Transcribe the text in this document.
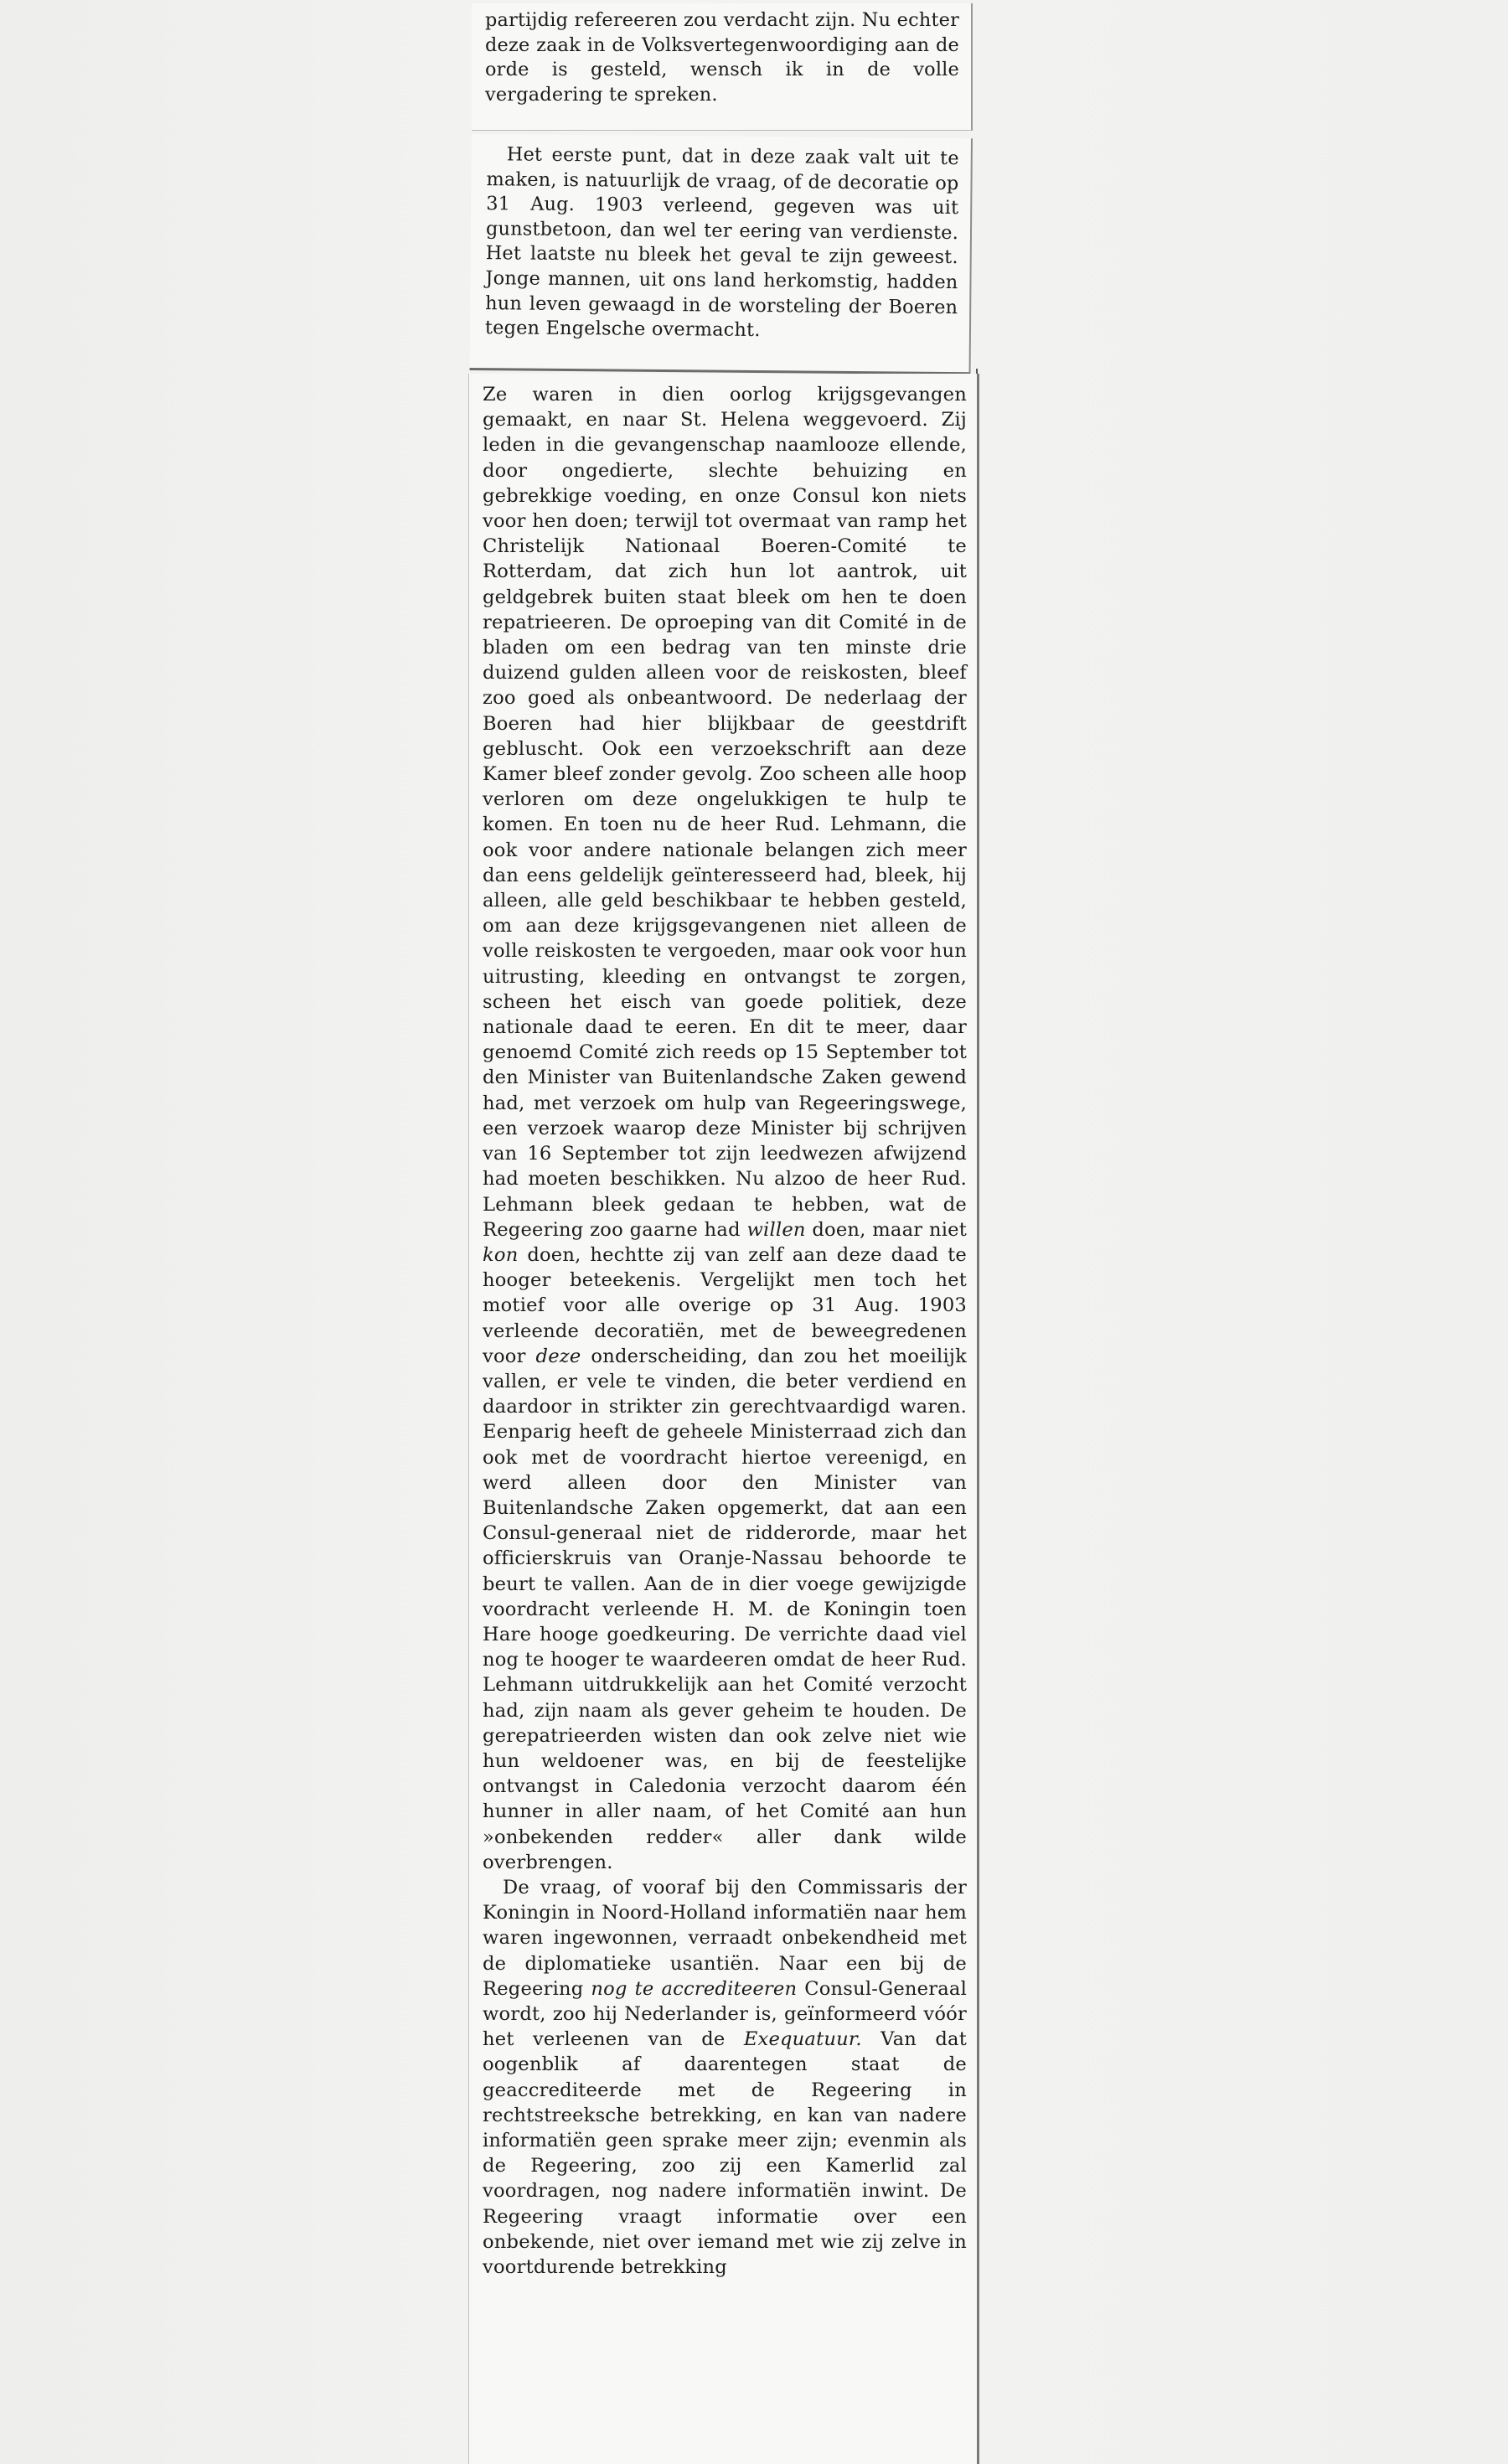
partijdig refereeren zou verdacht zijn. Nu echter deze zaak in de Volksvertegenwoordiging aan de orde is gesteld, wensch ik in de volle vergadering te spreken.

Het eerste punt, dat in deze zaak valt uit te maken, is natuurlijk de vraag, of de decoratie op 31 Aug. 1903 verleend, gegeven was uit gunstbetoon, dan wel ter eering van verdienste. Het laatste nu bleek het geval te zijn geweest. Jonge mannen, uit ons land herkomstig, hadden hun leven gewaagd in de worsteling der Boeren tegen Engelsche overmacht.

Ze waren in dien oorlog krijgsgevangen gemaakt, en naar St. Helena weggevoerd. Zij leden in die gevangenschap naamlooze ellende, door ongedierte, slechte behuizing en gebrekkige voeding, en onze Consul kon niets voor hen doen; terwijl tot overmaat van ramp het Christelijk Nationaal Boeren-Comité te Rotterdam, dat zich hun lot aantrok, uit geldgebrek buiten staat bleek om hen te doen repatrieeren. De oproeping van dit Comité in de bladen om een bedrag van ten minste drie duizend gulden alleen voor de reiskosten, bleef zoo goed als onbeantwoord. De nederlaag der Boeren had hier blijkbaar de geestdrift gebluscht. Ook een verzoekschrift aan deze Kamer bleef zonder gevolg. Zoo scheen alle hoop verloren om deze ongelukkigen te hulp te komen. En toen nu de heer Rud. Lehmann, die ook voor andere nationale belangen zich meer dan eens geldelijk geïnteresseerd had, bleek, hij alleen, alle geld beschikbaar te hebben gesteld, om aan deze krijgsgevangenen niet alleen de volle reiskosten te vergoeden, maar ook voor hun uitrusting, kleeding en ontvangst te zorgen, scheen het eisch van goede politiek, deze nationale daad te eeren. En dit te meer, daar genoemd Comité zich reeds op 15 September tot den Minister van Buitenlandsche Zaken gewend had, met verzoek om hulp van Regeeringswege, een verzoek waarop deze Minister bij schrijven van 16 September tot zijn leedwezen afwijzend had moeten beschikken. Nu alzoo de heer Rud. Lehmann bleek gedaan te hebben, wat de Regeering zoo gaarne had willen doen, maar niet kon doen, hechtte zij van zelf aan deze daad te hooger beteekenis. Vergelijkt men toch het motief voor alle overige op 31 Aug. 1903 verleende decoratiën, met de beweegredenen voor deze onderscheiding, dan zou het moeilijk vallen, er vele te vinden, die beter verdiend en daardoor in strikter zin gerechtvaardigd waren. Eenparig heeft de geheele Ministerraad zich dan ook met de voordracht hiertoe vereenigd, en werd alleen door den Minister van Buitenlandsche Zaken opgemerkt, dat aan een Consul-generaal niet de ridderorde, maar het officierskruis van Oranje-Nassau behoorde te beurt te vallen. Aan de in dier voege gewijzigde voordracht verleende H. M. de Koningin toen Hare hooge goedkeuring. De verrichte daad viel nog te hooger te waardeeren omdat de heer Rud. Lehmann uitdrukkelijk aan het Comité verzocht had, zijn naam als gever geheim te houden. De gerepatrieerden wisten dan ook zelve niet wie hun weldoener was, en bij de feestelijke ontvangst in Caledonia verzocht daarom één hunner in aller naam, of het Comité aan hun »onbekenden redder« aller dank wilde overbrengen.

De vraag, of vooraf bij den Commissaris der Koningin in Noord-Holland informatiën naar hem waren ingewonnen, verraadt onbekendheid met de diplomatieke usantiën. Naar een bij de Regeering nog te accrediteeren Consul-Generaal wordt, zoo hij Nederlander is, geïnformeerd vóór het verleenen van de Exequatuur. Van dat oogenblik af daarentegen staat de geaccrediteerde met de Regeering in rechtstreeksche betrekking, en kan van nadere informatiën geen sprake meer zijn; evenmin als de Regeering, zoo zij een Kamerlid zal voordragen, nog nadere informatiën inwint. De Regeering vraagt informatie over een onbekende, niet over iemand met wie zij zelve in voortdurende betrekking
